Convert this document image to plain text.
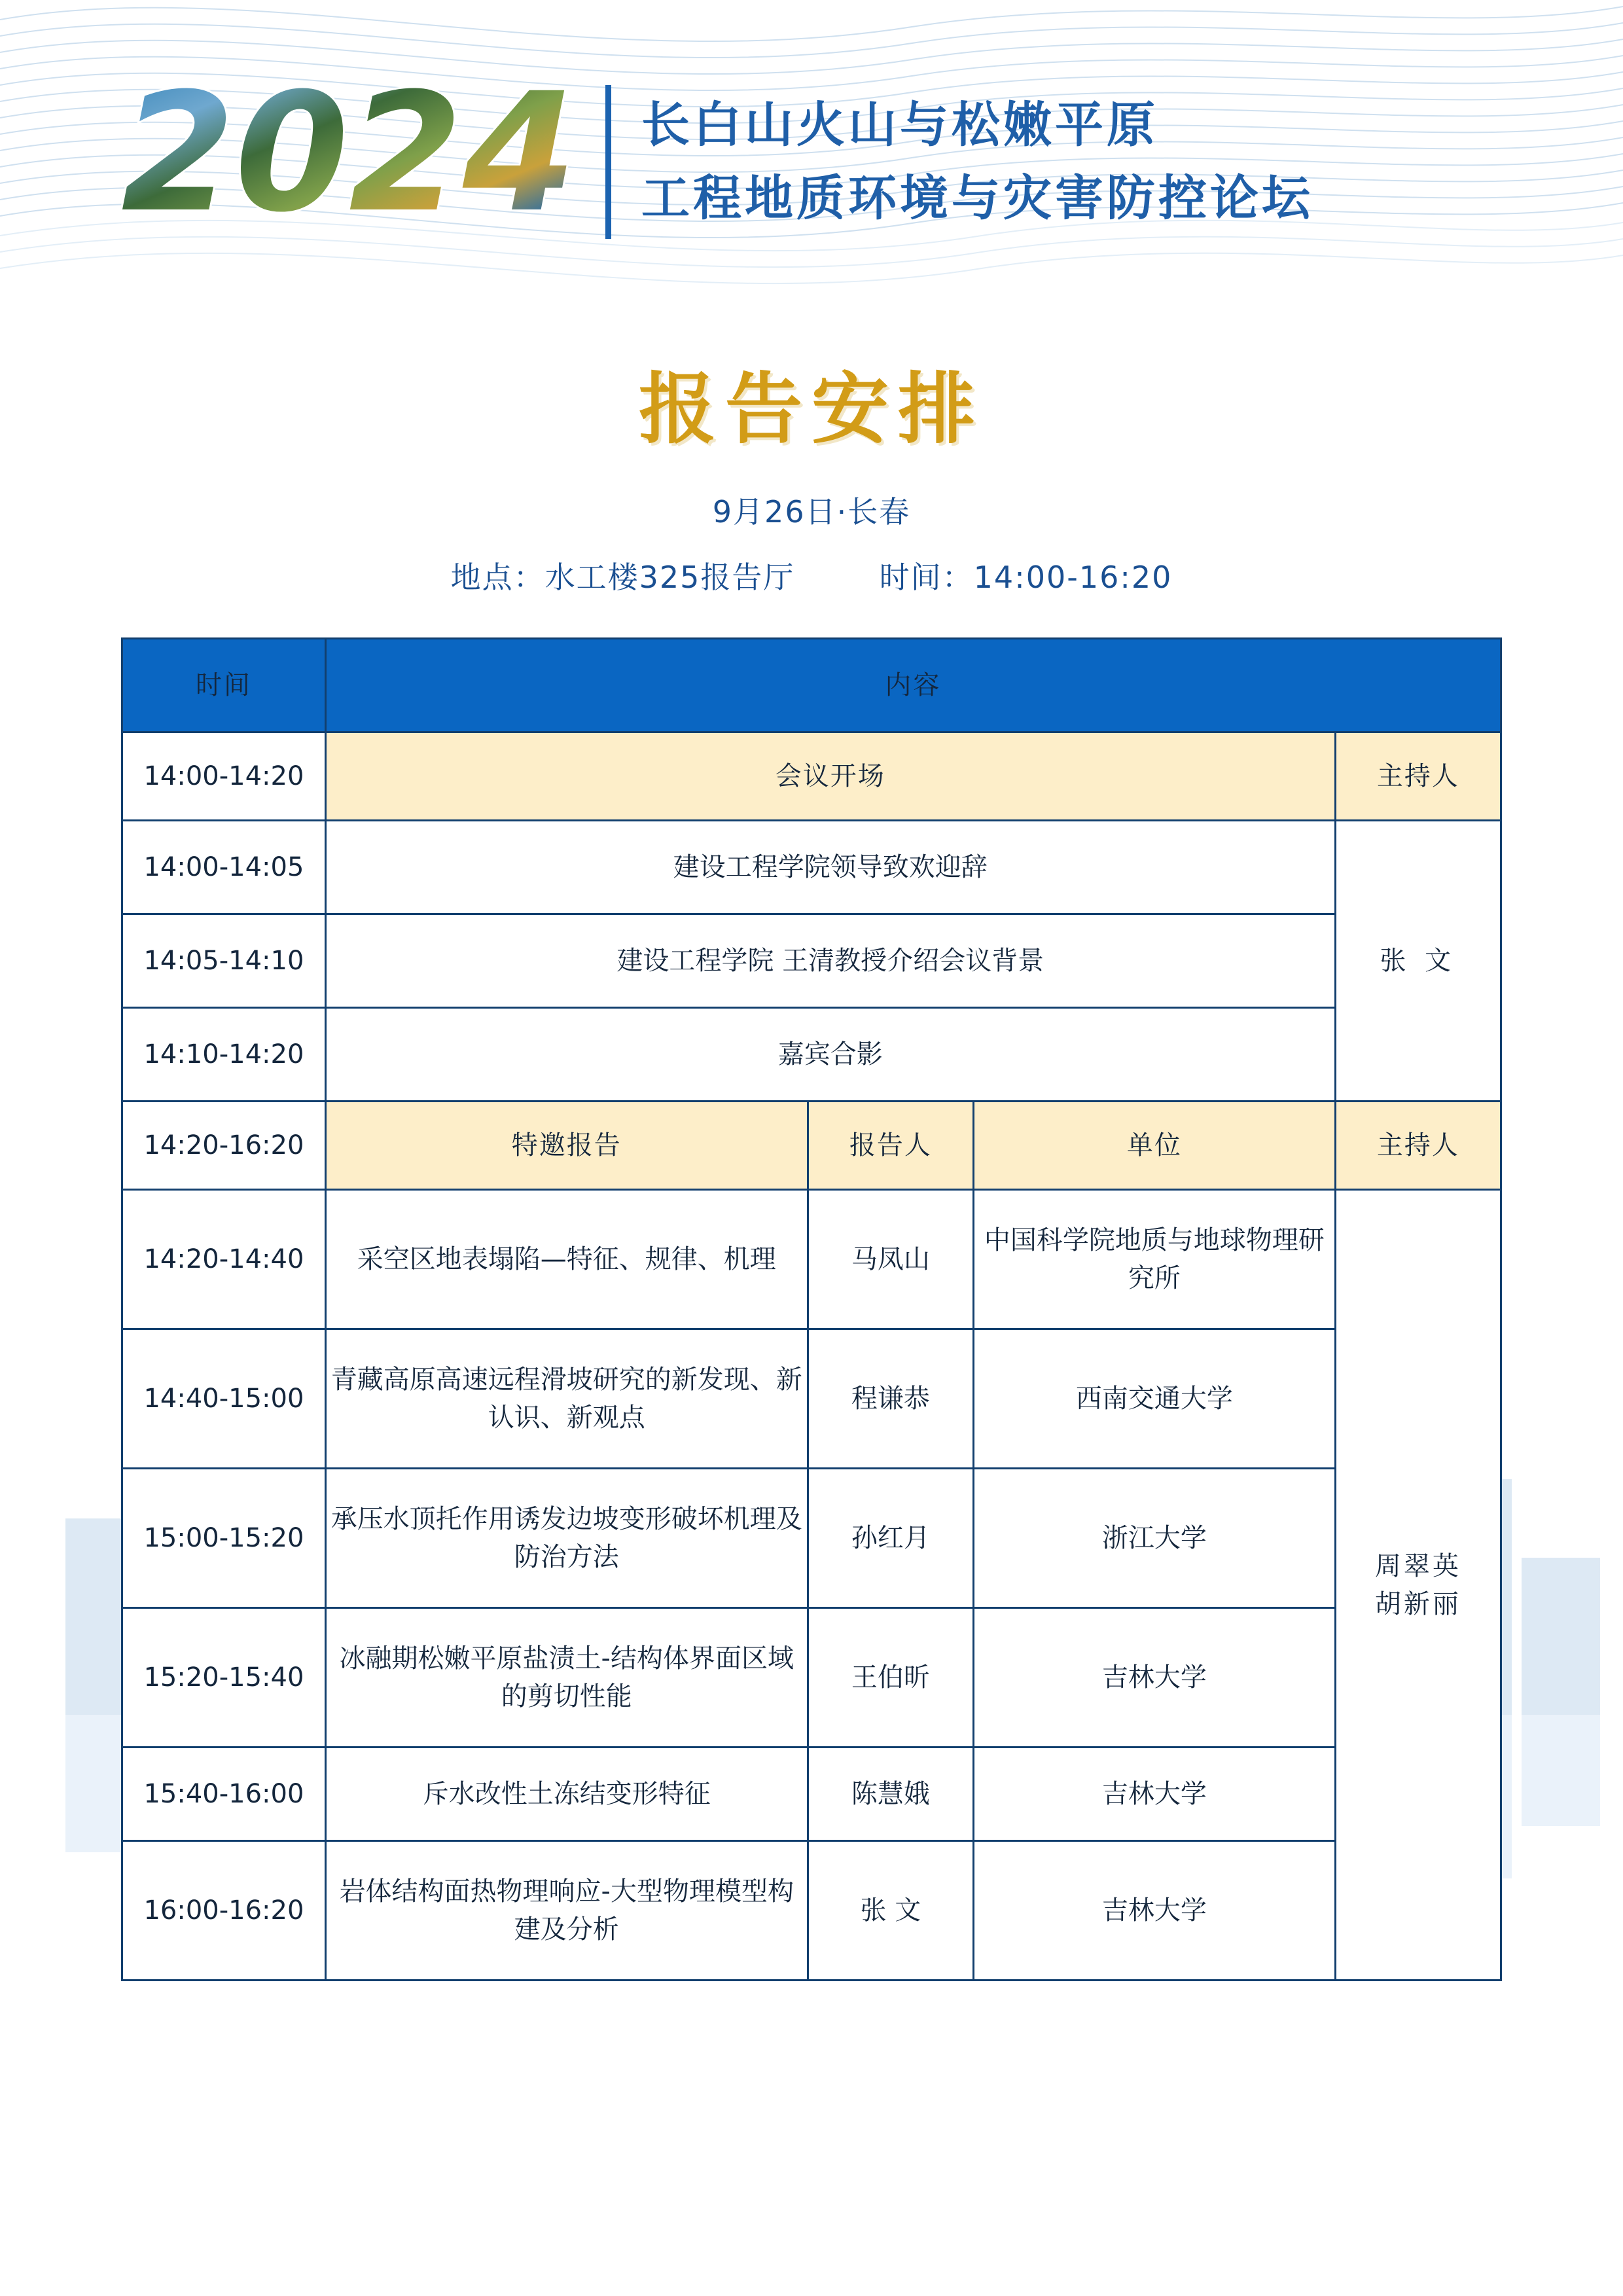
2024 长白山火山与松嫩平原
工程地质环境与灾害防控论坛
报告安排
9月26日·长春
地点：水工楼325报告厅	时间：14:00-16:20
时间	内容			
14:00-14:20	会议开场			主持人
14:00-14:05	建设工程学院领导致欢迎辞			张 文
14:05-14:10	建设工程学院 王清教授介绍会议背景			
14:10-14:20	嘉宾合影			
14:20-16:20	特邀报告	报告人	单位	主持人
14:20-14:40	采空区地表塌陷—特征、规律、机理	马凤山	中国科学院地质与地球物理研究所	周翠英
胡新丽

14:40-15:00	青藏高原高速远程滑坡研究的新发现、新认识、新观点	程谦恭	西南交通大学	
15:00-15:20	承压水顶托作用诱发边坡变形破坏机理及防治方法	孙红月	浙江大学	
15:20-15:40	冰融期松嫩平原盐渍土-结构体界面区域的剪切性能	王伯昕	吉林大学	
15:40-16:00	斥水改性土冻结变形特征	陈慧娥	吉林大学	
16:00-16:20	岩体结构面热物理响应-大型物理模型构建及分析	张 文	吉林大学	
